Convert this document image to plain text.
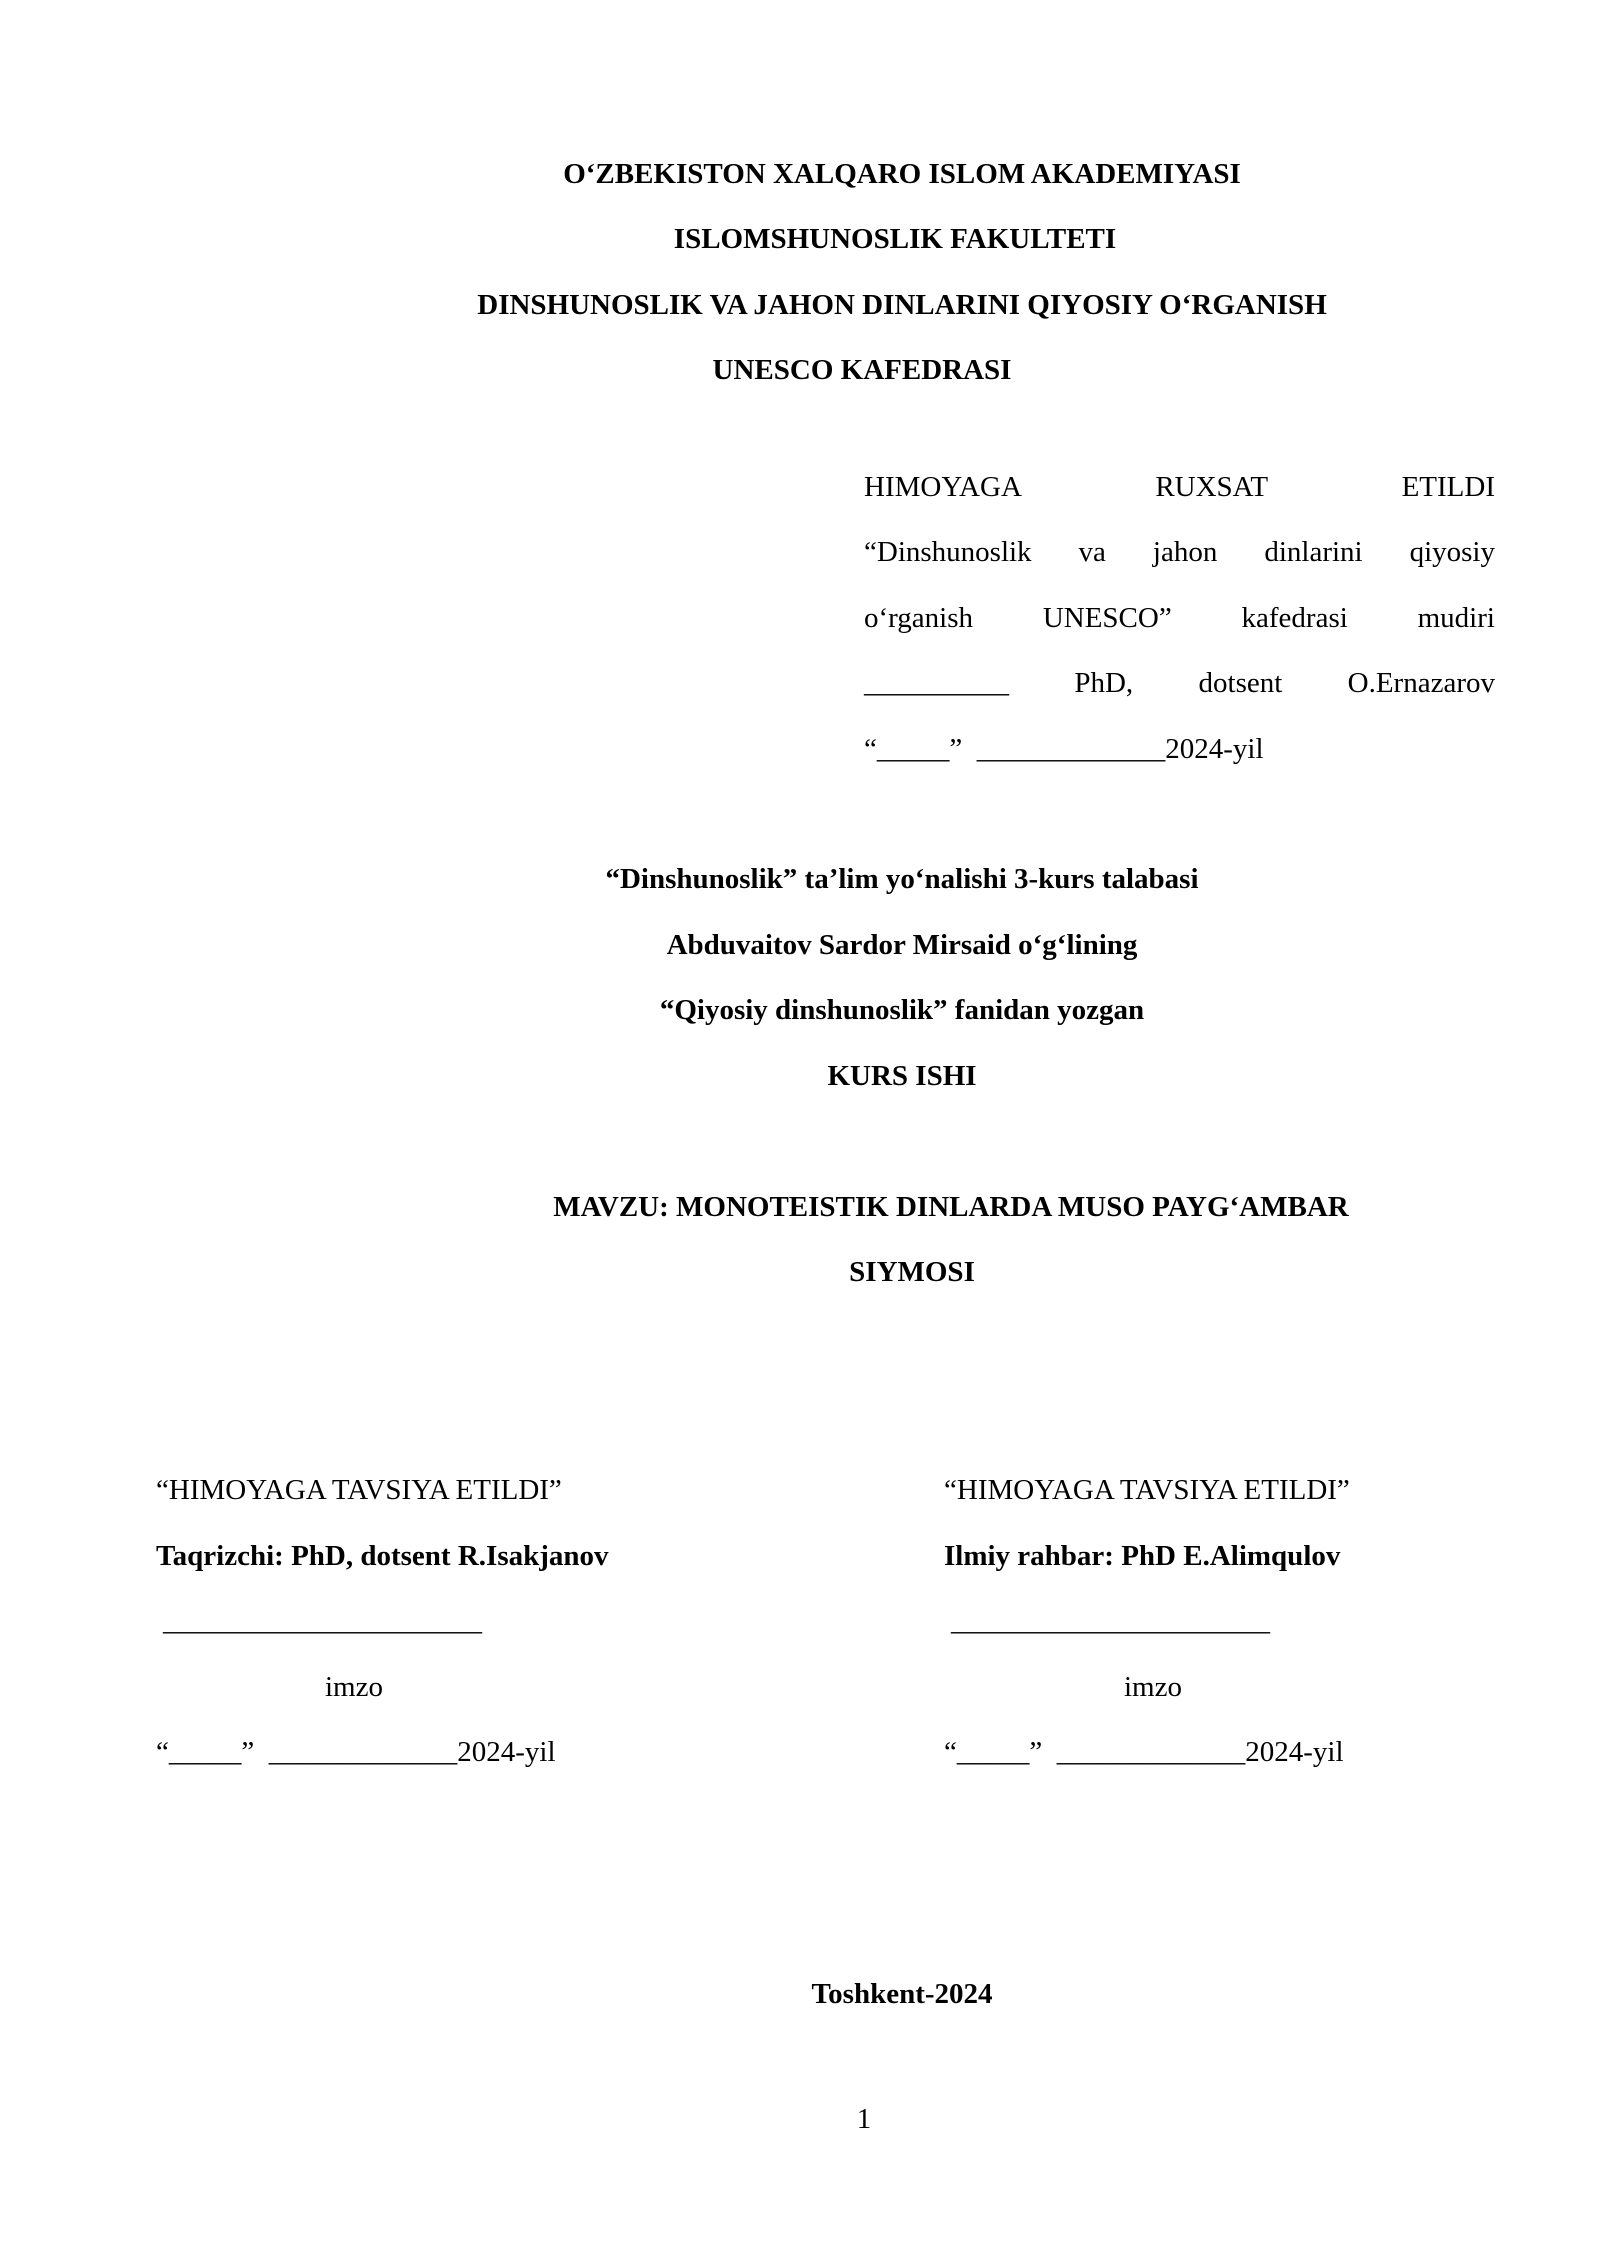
O‘ZBEKISTON XALQARO ISLOM AKADEMIYASI
ISLOMSHUNOSLIK FAKULTETI
DINSHUNOSLIK VA JAHON DINLARINI QIYOSIY O‘RGANISH
UNESCO KAFEDRASI
HIMOYAGA	RUXSAT	ETILDI
“Dinshunoslik va jahon dinlarini qiyosiy
o‘rganish UNESCO” kafedrasi mudiri
__________ PhD, dotsent O.Ernazarov
“_____”  _____________2024-yil
“Dinshunoslik” ta’lim yo‘nalishi 3-kurs talabasi
Abduvaitov Sardor Mirsaid o‘g‘lining
“Qiyosiy dinshunoslik” fanidan yozgan
KURS ISHI
MAVZU: MONOTEISTIK DINLARDA MUSO PAYG‘AMBAR
SIYMOSI
“HIMOYAGA TAVSIYA ETILDI”
Taqrizchi: PhD, dotsent R.Isakjanov
______________________
imzo
“_____”  _____________2024-yil
“HIMOYAGA TAVSIYA ETILDI”
Ilmiy rahbar: PhD E.Alimqulov
______________________
imzo
“_____”  _____________2024-yil
Toshkent-2024
1
